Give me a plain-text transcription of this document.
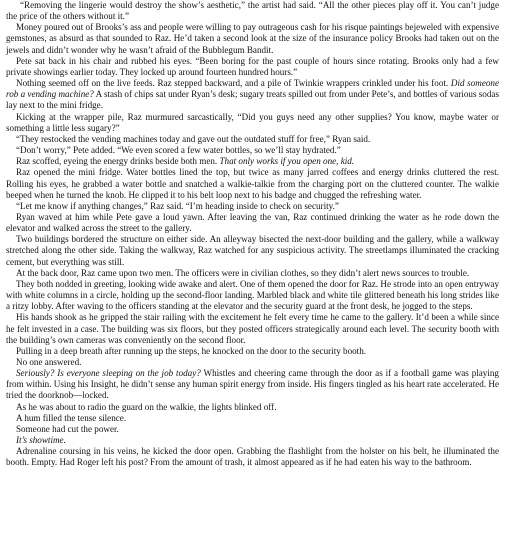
“Removing the lingerie would destroy the show’s aesthetic,” the artist had said. “All the other pieces play off it. You can’t judge the price of the others without it.”

Money poured out of Brooks’s ass and people were willing to pay outrageous cash for his risque paintings bejeweled with expensive gemstones, as absurd as that sounded to Raz. He’d taken a second look at the size of the insurance policy Brooks had taken out on the jewels and didn’t wonder why he wasn’t afraid of the Bubblegum Bandit.

Pete sat back in his chair and rubbed his eyes. “Been boring for the past couple of hours since rotating. Brooks only had a few private showings earlier today. They locked up around fourteen hundred hours.”

Nothing seemed off on the live feeds. Raz stepped backward, and a pile of Twinkie wrappers crinkled under his foot. Did someone rob a vending machine? A stash of chips sat under Ryan’s desk; sugary treats spilled out from under Pete’s, and bottles of various sodas lay next to the mini fridge.

Kicking at the wrapper pile, Raz murmured sarcastically, “Did you guys need any other supplies? You know, maybe water or something a little less sugary?”

“They restocked the vending machines today and gave out the outdated stuff for free,” Ryan said.

“Don’t worry,” Pete added. “We even scored a few water bottles, so we’ll stay hydrated.”

Raz scoffed, eyeing the energy drinks beside both men. That only works if you open one, kid.

Raz opened the mini fridge. Water bottles lined the top, but twice as many jarred coffees and energy drinks cluttered the rest. Rolling his eyes, he grabbed a water bottle and snatched a walkie-talkie from the charging port on the cluttered counter. The walkie beeped when he turned the knob. He clipped it to his belt loop next to his badge and chugged the refreshing water.

“Let me know if anything changes,” Raz said. “I’m heading inside to check on security.”

Ryan waved at him while Pete gave a loud yawn. After leaving the van, Raz continued drinking the water as he rode down the elevator and walked across the street to the gallery.

Two buildings bordered the structure on either side. An alleyway bisected the next-door building and the gallery, while a walkway stretched along the other side. Taking the walkway, Raz watched for any suspicious activity. The streetlamps illuminated the cracking cement, but everything was still.

At the back door, Raz came upon two men. The officers were in civilian clothes, so they didn’t alert news sources to trouble.

They both nodded in greeting, looking wide awake and alert. One of them opened the door for Raz. He strode into an open entryway with white columns in a circle, holding up the second-floor landing. Marbled black and white tile glittered beneath his long strides like a ritzy lobby. After waving to the officers standing at the elevator and the security guard at the front desk, he jogged to the steps.

His hands shook as he gripped the stair railing with the excitement he felt every time he came to the gallery. It’d been a while since he felt invested in a case. The building was six floors, but they posted officers strategically around each level. The security booth with the building’s own cameras was conveniently on the second floor.

Pulling in a deep breath after running up the steps, he knocked on the door to the security booth.

No one answered.

Seriously? Is everyone sleeping on the job today? Whistles and cheering came through the door as if a football game was playing from within. Using his Insight, he didn’t sense any human spirit energy from inside. His fingers tingled as his heart rate accelerated. He tried the doorknob—locked.

As he was about to radio the guard on the walkie, the lights blinked off.

A hum filled the tense silence.

Someone had cut the power.

It’s showtime.

Adrenaline coursing in his veins, he kicked the door open. Grabbing the flashlight from the holster on his belt, he illuminated the booth. Empty. Had Roger left his post? From the amount of trash, it almost appeared as if he had eaten his way to the bathroom.
